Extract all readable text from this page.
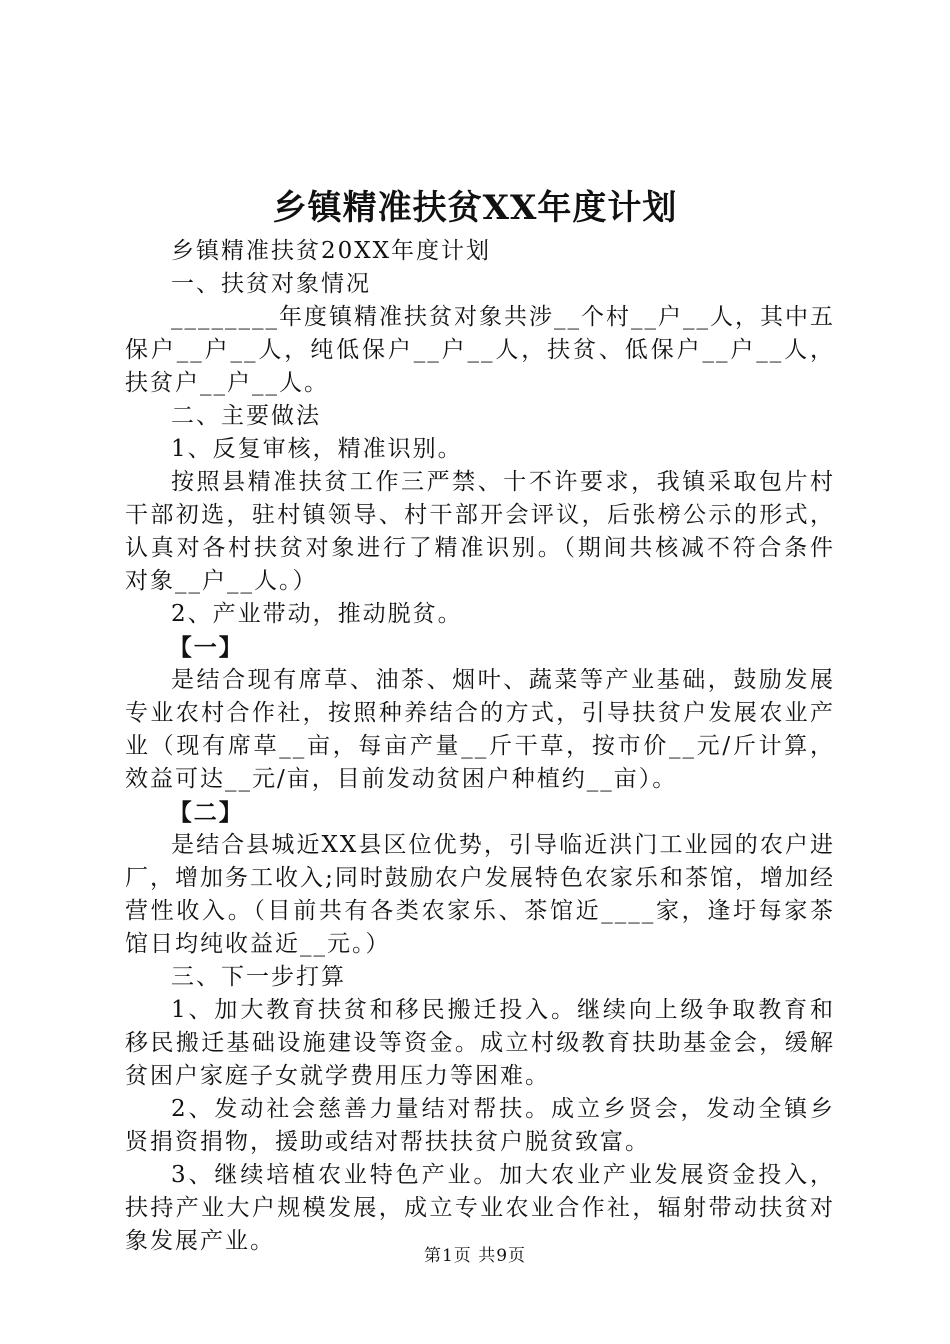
乡镇精准扶贫XX年度计划

乡镇精准扶贫20XX年度计划

一、扶贫对象情况

________年度镇精准扶贫对象共涉__个村__户__人，其中五保户__户__人，纯低保户__户__人，扶贫、低保户__户__人，扶贫户__户__人。

二、主要做法

1、反复审核，精准识别。

按照县精准扶贫工作三严禁、十不许要求，我镇采取包片村干部初选，驻村镇领导、村干部开会评议，后张榜公示的形式，认真对各村扶贫对象进行了精准识别。（期间共核减不符合条件对象__户__人。）

2、产业带动，推动脱贫。

【一】

是结合现有席草、油茶、烟叶、蔬菜等产业基础，鼓励发展专业农村合作社，按照种养结合的方式，引导扶贫户发展农业产业（现有席草__亩，每亩产量__斤干草，按市价__元/斤计算，效益可达__元/亩，目前发动贫困户种植约__亩）。

【二】

是结合县城近XX县区位优势，引导临近洪门工业园的农户进厂，增加务工收入;同时鼓励农户发展特色农家乐和茶馆，增加经营性收入。（目前共有各类农家乐、茶馆近____家，逢圩每家茶馆日均纯收益近__元。）

三、下一步打算

1、加大教育扶贫和移民搬迁投入。继续向上级争取教育和移民搬迁基础设施建设等资金。成立村级教育扶助基金会，缓解贫困户家庭子女就学费用压力等困难。

2、发动社会慈善力量结对帮扶。成立乡贤会，发动全镇乡贤捐资捐物，援助或结对帮扶扶贫户脱贫致富。

3、继续培植农业特色产业。加大农业产业发展资金投入，扶持产业大户规模发展，成立专业农业合作社，辐射带动扶贫对象发展产业。

第1页 共9页
